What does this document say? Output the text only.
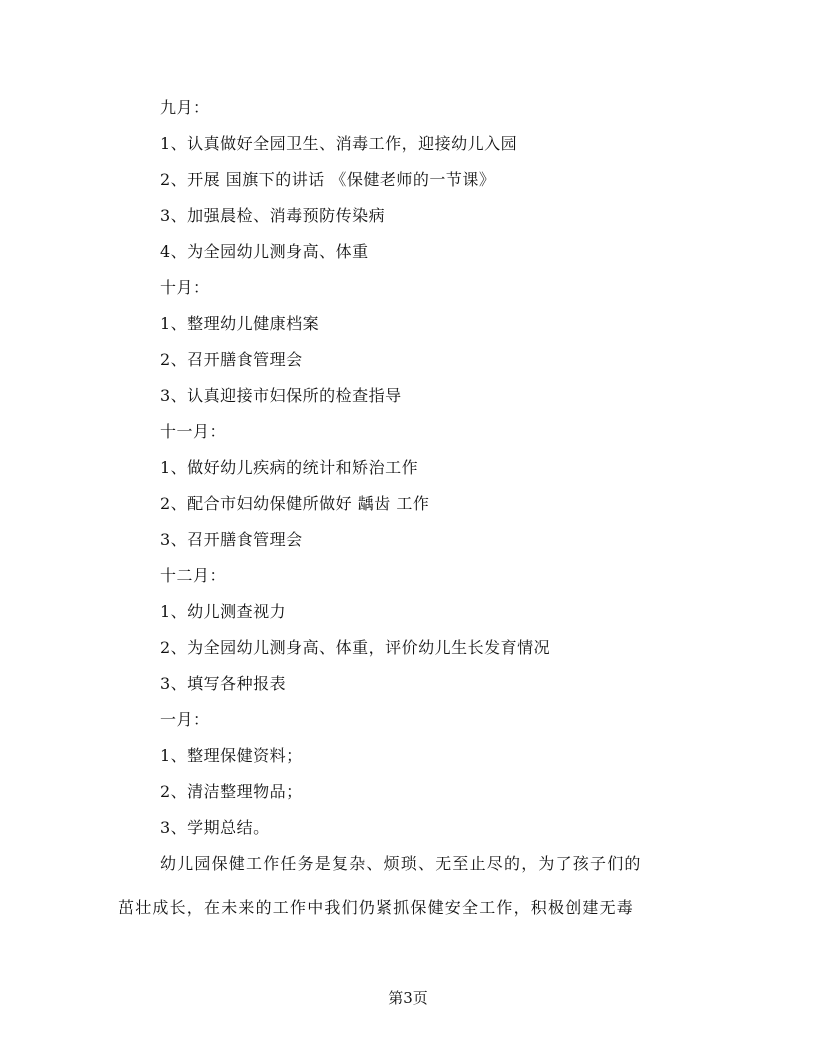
九月：
1、认真做好全园卫生、消毒工作，迎接幼儿入园
2、开展 国旗下的讲话 《保健老师的一节课》
3、加强晨检、消毒预防传染病
4、为全园幼儿测身高、体重
十月：
1、整理幼儿健康档案
2、召开膳食管理会
3、认真迎接市妇保所的检查指导
十一月：
1、做好幼儿疾病的统计和矫治工作
2、配合市妇幼保健所做好 龋齿 工作
3、召开膳食管理会
十二月：
1、幼儿测查视力
2、为全园幼儿测身高、体重，评价幼儿生长发育情况
3、填写各种报表
一月：
1、整理保健资料；
2、清洁整理物品；
3、学期总结。
幼儿园保健工作任务是复杂、烦琐、无至止尽的，为了孩子们的
茁壮成长，在未来的工作中我们仍紧抓保健安全工作，积极创建无毒
第3页
